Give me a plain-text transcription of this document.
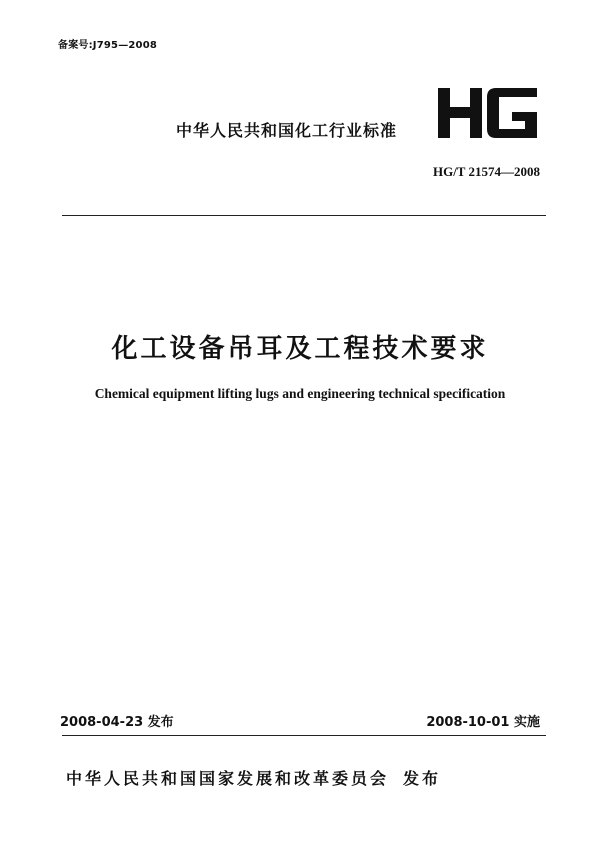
备案号:J795—2008
中华人民共和国化工行业标准
HG/T 21574—2008
化工设备吊耳及工程技术要求
Chemical equipment lifting lugs and engineering technical specification
2008-04-23 发布	2008-10-01 实施
中华人民共和国国家发展和改革委员会 发布
